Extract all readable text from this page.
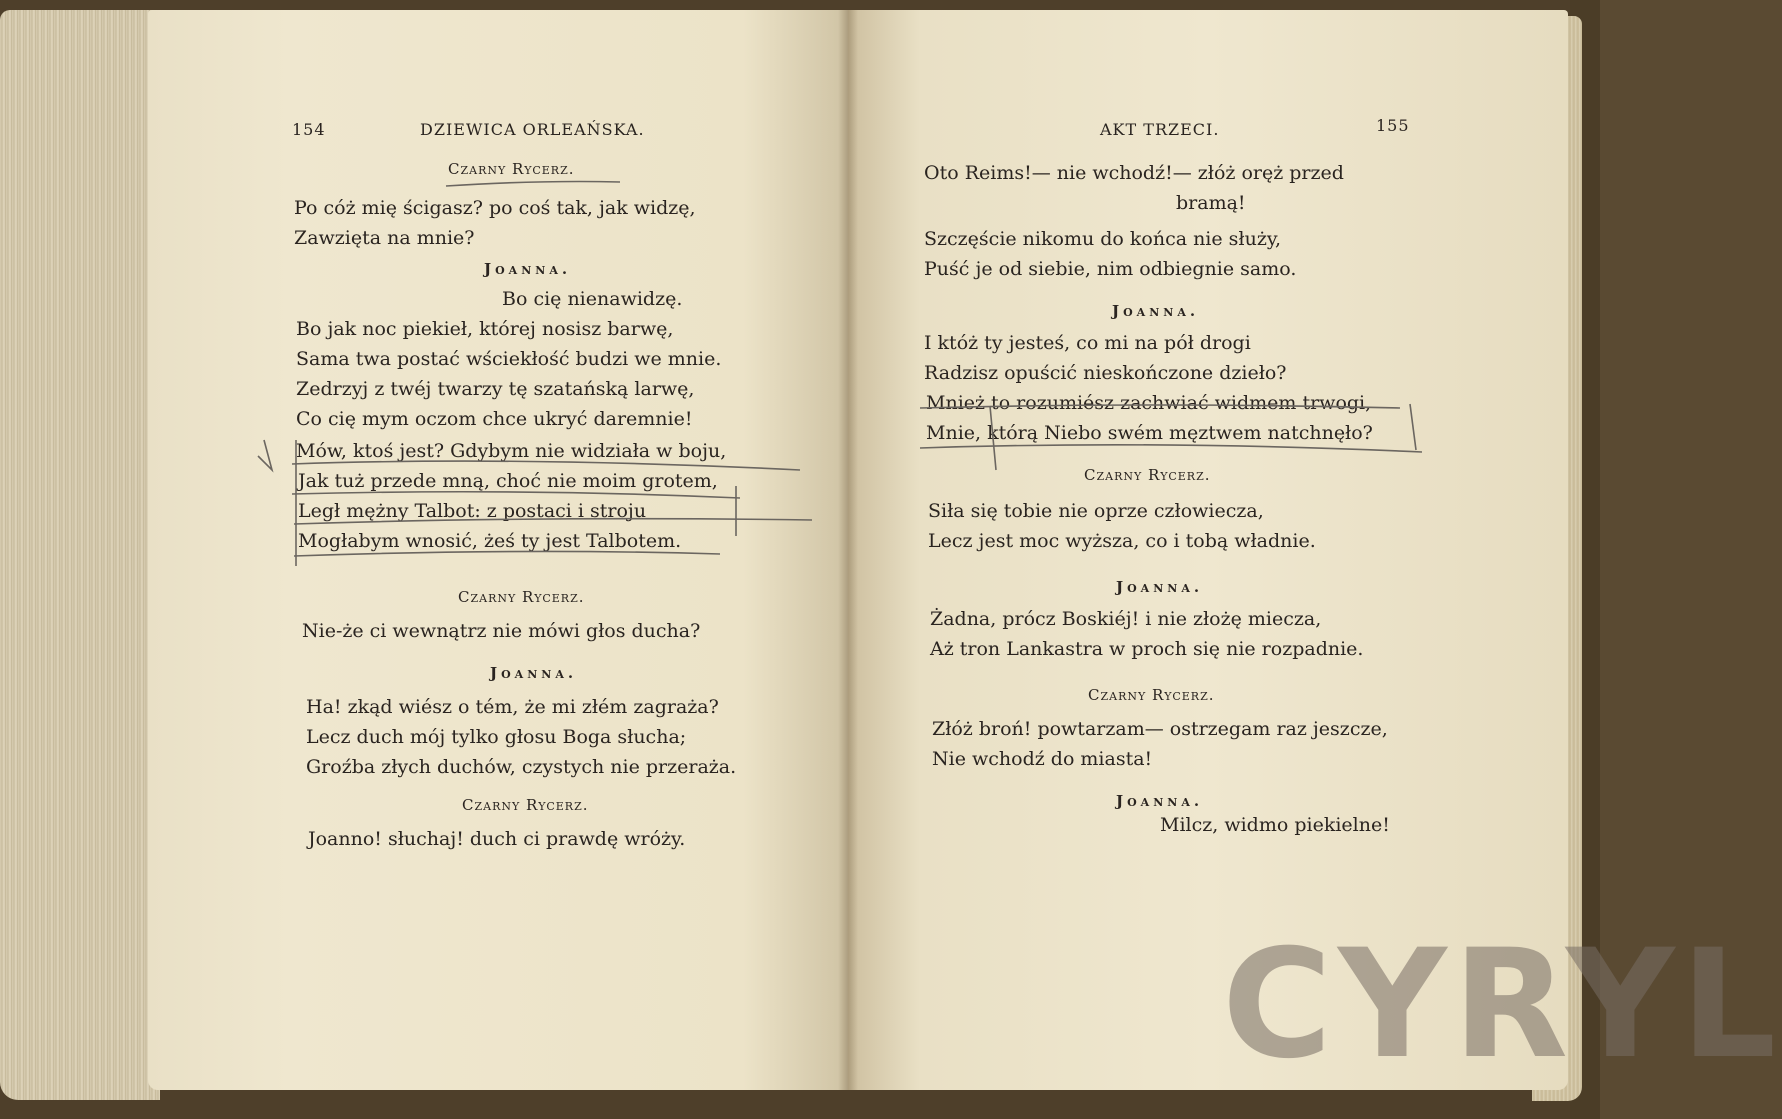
154	DZIEWICA ORLEAŃSKA.
Czarny Rycerz.
Po cóż mię ścigasz? po coś tak, jak widzę,
Zawzięta na mnie?
Joanna.
Bo cię nienawidzę.
Bo jak noc piekieł, której nosisz barwę,
Sama twa postać wściekłość budzi we mnie.
Zedrzyj z twéj twarzy tę szatańską larwę,
Co cię mym oczom chce ukryć daremnie!
Mów, ktoś jest? Gdybym nie widziała w boju,
Jak tuż przede mną, choć nie moim grotem,
Legł mężny Talbot: z postaci i stroju
Mogłabym wnosić, żeś ty jest Talbotem.
Czarny Rycerz.
Nie-że ci wewnątrz nie mówi głos ducha?
Joanna.
Ha! zkąd wiész o tém, że mi złém zagraża?
Lecz duch mój tylko głosu Boga słucha;
Groźba złych duchów, czystych nie przeraża.
Czarny Rycerz.
Joanno! słuchaj! duch ci prawdę wróży.
AKT TRZECI.	155
Oto Reims!— nie wchodź!— złóż oręż przed
bramą!
Szczęście nikomu do końca nie służy,
Puść je od siebie, nim odbiegnie samo.
Joanna.
I któż ty jesteś, co mi na pół drogi
Radzisz opuścić nieskończone dzieło?
Mnież to rozumiész zachwiać widmem trwogi,
Mnie, którą Niebo swém męztwem natchnęło?
Czarny Rycerz.
Siła się tobie nie oprze człowiecza,
Lecz jest moc wyższa, co i tobą władnie.
Joanna.
Żadna, prócz Boskiéj! i nie złożę miecza,
Aż tron Lankastra w proch się nie rozpadnie.
Czarny Rycerz.
Złóż broń! powtarzam— ostrzegam raz jeszcze,
Nie wchodź do miasta!
Joanna.
Milcz, widmo piekielne!
CYRYL
